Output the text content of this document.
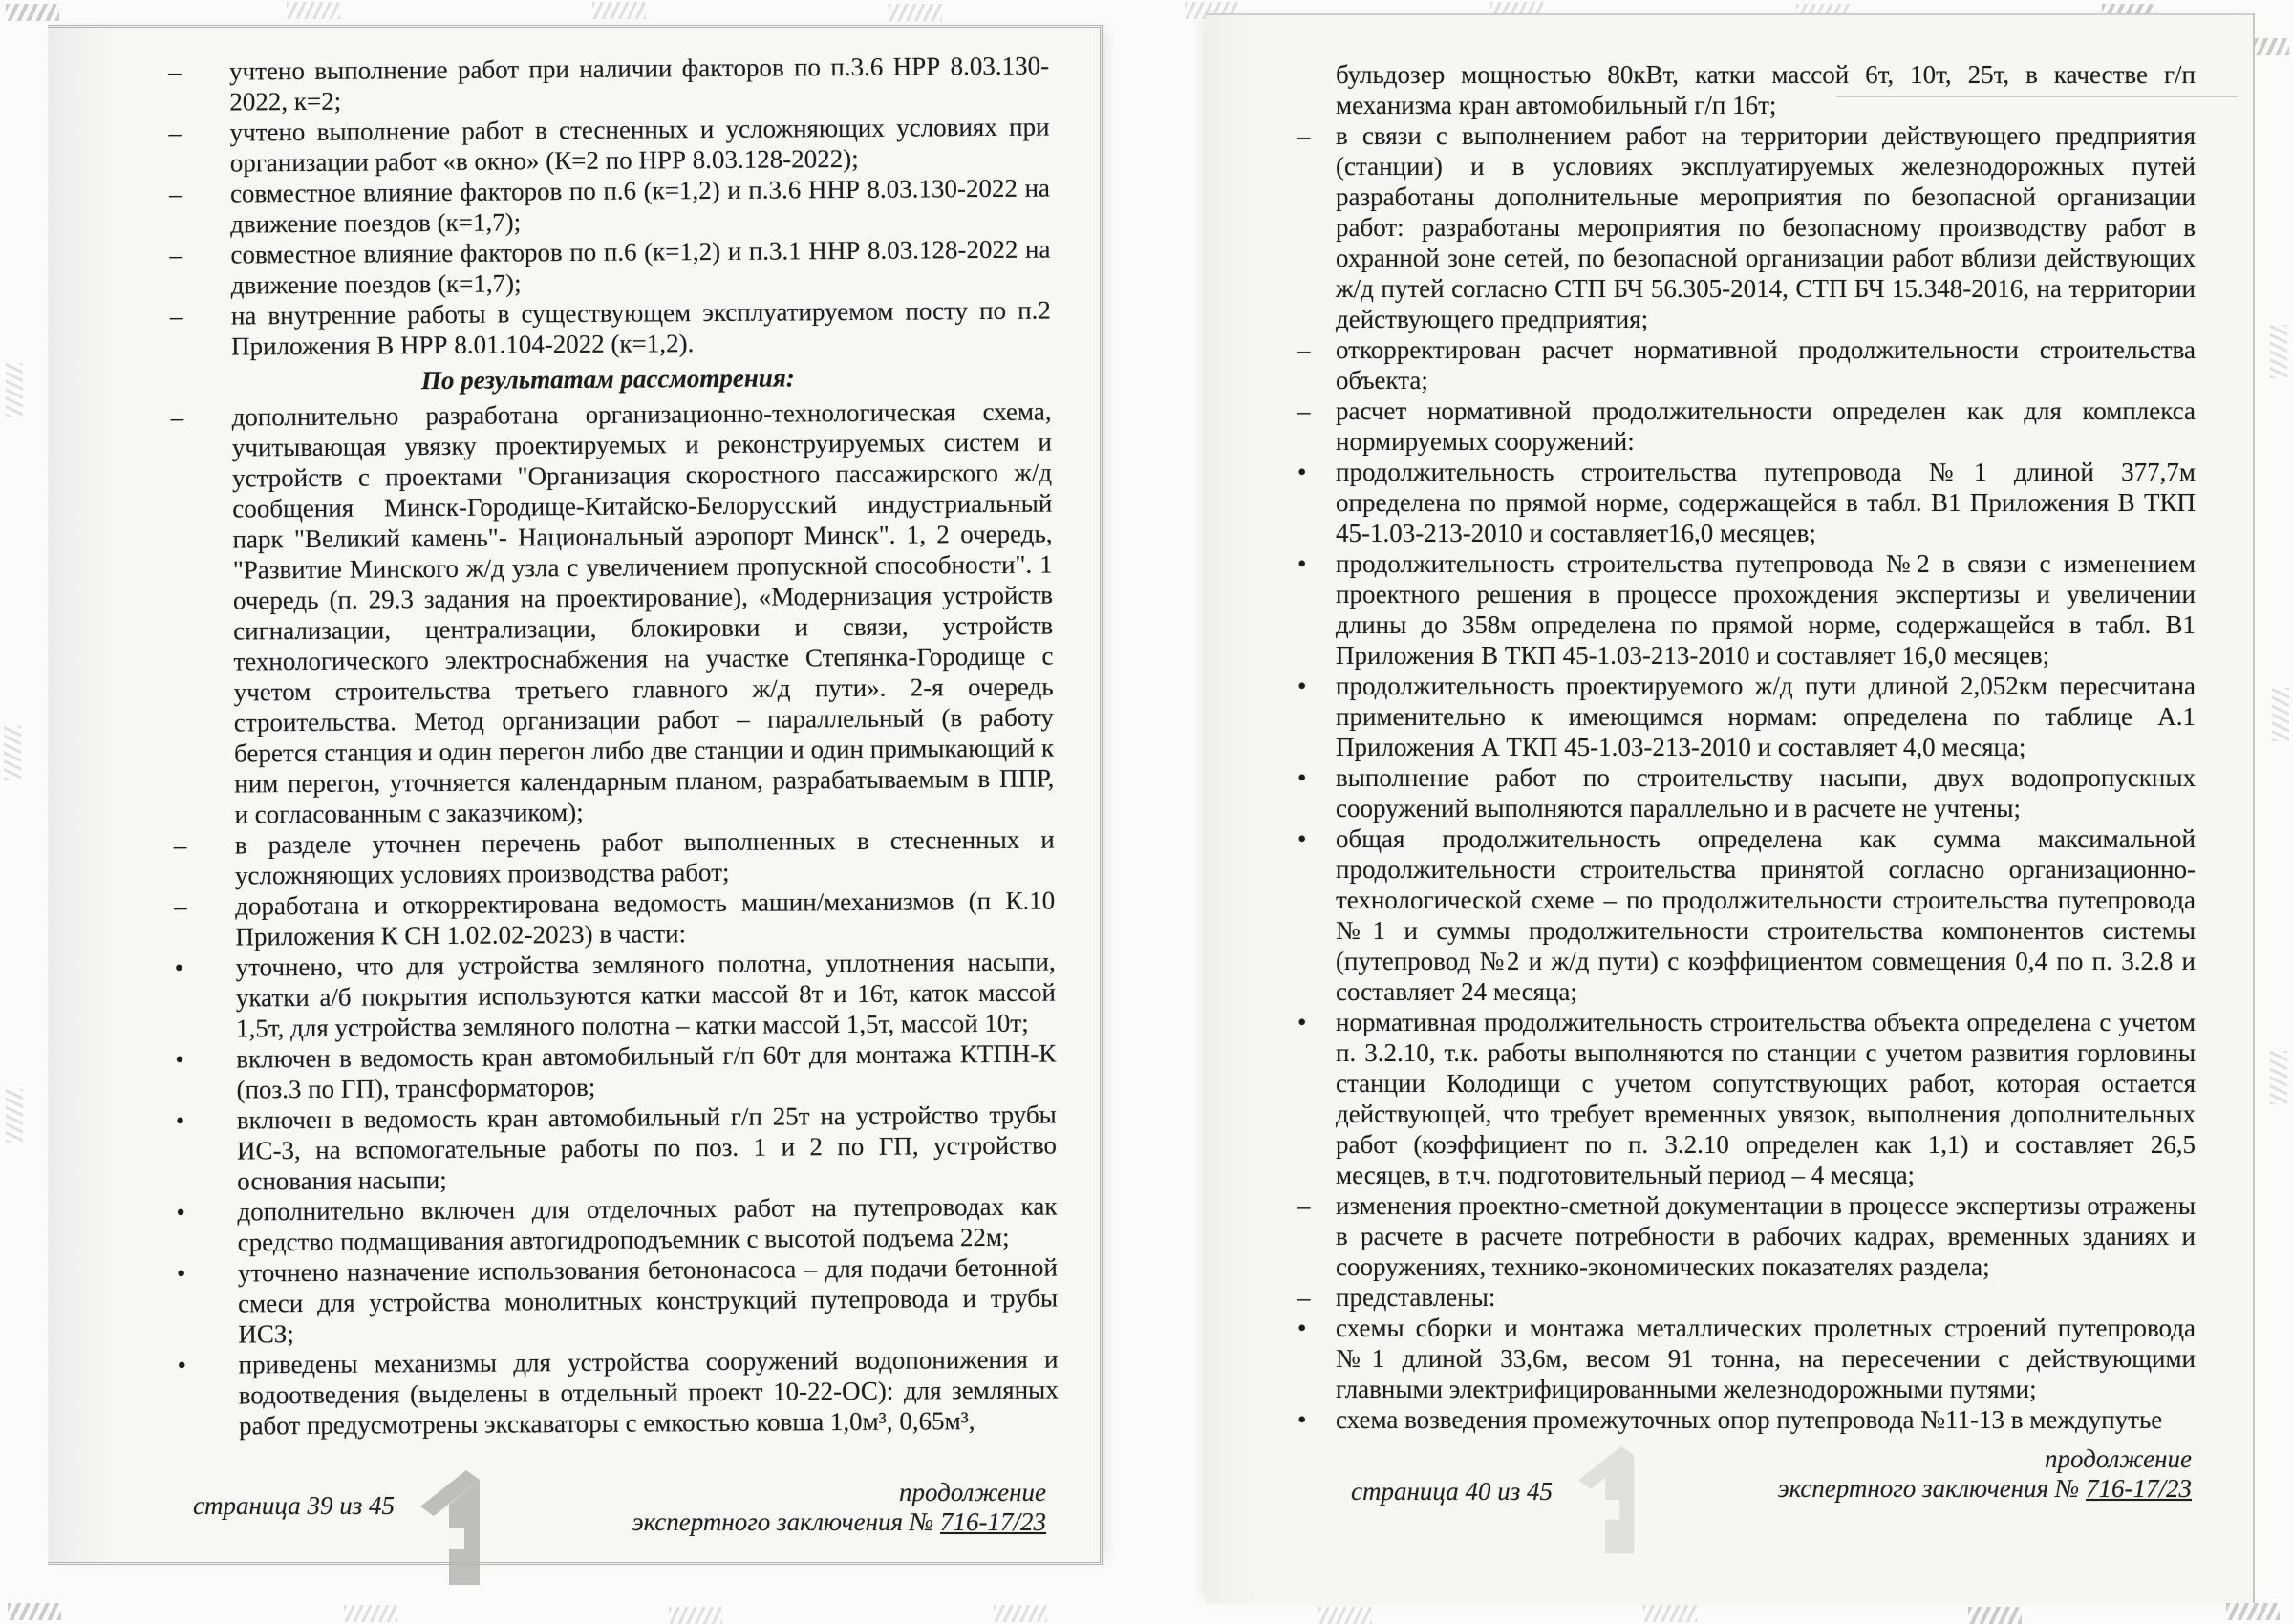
– учтено выполнение работ при наличии факторов по п.3.6 НРР 8.03.130-2022, к=2;
– учтено выполнение работ в стесненных и усложняющих условиях при организации работ «в окно» (К=2 по НРР 8.03.128-2022);
– совместное влияние факторов по п.6 (к=1,2) и п.3.6 ННР 8.03.130-2022 на движение поездов (к=1,7);
– совместное влияние факторов по п.6 (к=1,2) и п.3.1 ННР 8.03.128-2022 на движение поездов (к=1,7);
– на внутренние работы в существующем эксплуатируемом посту по п.2 Приложения В НРР 8.01.104-2022 (к=1,2).
По результатам рассмотрения:
– дополнительно разработана организационно-технологическая схема, учитывающая увязку проектируемых и реконструируемых систем и устройств с проектами "Организация скоростного пассажирского ж/д сообщения Минск-Городище-Китайско-Белорусский индустриальный парк "Великий камень"- Национальный аэропорт Минск". 1, 2 очередь, "Развитие Минского ж/д узла с увеличением пропускной способности". 1 очередь (п. 29.3 задания на проектирование), «Модернизация устройств сигнализации, централизации, блокировки и связи, устройств технологического электроснабжения на участке Степянка-Городище с учетом строительства третьего главного ж/д пути». 2-я очередь строительства. Метод организации работ – параллельный (в работу берется станция и один перегон либо две станции и один примыкающий к ним перегон, уточняется календарным планом, разрабатываемым в ППР, и согласованным с заказчиком);
– в разделе уточнен перечень работ выполненных в стесненных и усложняющих условиях производства работ;
– доработана и откорректирована ведомость машин/механизмов (п К.10 Приложения К СН 1.02.02-2023) в части:
• уточнено, что для устройства земляного полотна, уплотнения насыпи, укатки а/б покрытия используются катки массой 8т и 16т, каток массой 1,5т, для устройства земляного полотна – катки массой 1,5т, массой 10т;
• включен в ведомость кран автомобильный г/п 60т для монтажа КТПН-К (поз.3 по ГП), трансформаторов;
• включен в ведомость кран автомобильный г/п 25т на устройство трубы ИС-3, на вспомогательные работы по поз. 1 и 2 по ГП, устройство основания насыпи;
• дополнительно включен для отделочных работ на путепроводах как средство подмащивания автогидроподъемник с высотой подъема 22м;
• уточнено назначение использования бетононасоса – для подачи бетонной смеси для устройства монолитных конструкций путепровода и трубы ИСЗ;
• приведены механизмы для устройства сооружений водопонижения и водоотведения (выделены в отдельный проект 10-22-ОС): для земляных работ предусмотрены экскаваторы с емкостью ковша 1,0м³, 0,65м³,
страница 39 из 45	продолжение
экспертного заключения № 716-17/23
бульдозер мощностью 80кВт, катки массой 6т, 10т, 25т, в качестве г/п механизма кран автомобильный г/п 16т;
– в связи с выполнением работ на территории действующего предприятия (станции) и в условиях эксплуатируемых железнодорожных путей разработаны дополнительные мероприятия по безопасной организации работ: разработаны мероприятия по безопасному производству работ в охранной зоне сетей, по безопасной организации работ вблизи действующих ж/д путей согласно СТП БЧ 56.305-2014, СТП БЧ 15.348-2016, на территории действующего предприятия;
– откорректирован расчет нормативной продолжительности строительства объекта;
– расчет нормативной продолжительности определен как для комплекса нормируемых сооружений:
• продолжительность строительства путепровода №1 длиной 377,7м определена по прямой норме, содержащейся в табл. В1 Приложения В ТКП 45-1.03-213-2010 и составляет16,0 месяцев;
• продолжительность строительства путепровода №2 в связи с изменением проектного решения в процессе прохождения экспертизы и увеличении длины до 358м определена по прямой норме, содержащейся в табл. В1 Приложения В ТКП 45-1.03-213-2010 и составляет 16,0 месяцев;
• продолжительность проектируемого ж/д пути длиной 2,052км пересчитана применительно к имеющимся нормам: определена по таблице А.1 Приложения А ТКП 45-1.03-213-2010 и составляет 4,0 месяца;
• выполнение работ по строительству насыпи, двух водопропускных сооружений выполняются параллельно и в расчете не учтены;
• общая продолжительность определена как сумма максимальной продолжительности строительства принятой согласно организационно-технологической схеме – по продолжительности строительства путепровода №1 и суммы продолжительности строительства компонентов системы (путепровод №2 и ж/д пути) с коэффициентом совмещения 0,4 по п. 3.2.8 и составляет 24 месяца;
• нормативная продолжительность строительства объекта определена с учетом п. 3.2.10, т.к. работы выполняются по станции с учетом развития горловины станции Колодищи с учетом сопутствующих работ, которая остается действующей, что требует временных увязок, выполнения дополнительных работ (коэффициент по п. 3.2.10 определен как 1,1) и составляет 26,5 месяцев, в т.ч. подготовительный период – 4 месяца;
– изменения проектно-сметной документации в процессе экспертизы отражены в расчете в расчете потребности в рабочих кадрах, временных зданиях и сооружениях, технико-экономических показателях раздела;
– представлены:
• схемы сборки и монтажа металлических пролетных строений путепровода №1 длиной 33,6м, весом 91 тонна, на пересечении с действующими главными электрифицированными железнодорожными путями;
• схема возведения промежуточных опор путепровода №11-13 в междупутье
страница 40 из 45
продолжение
экспертного заключения № 716-17/23
